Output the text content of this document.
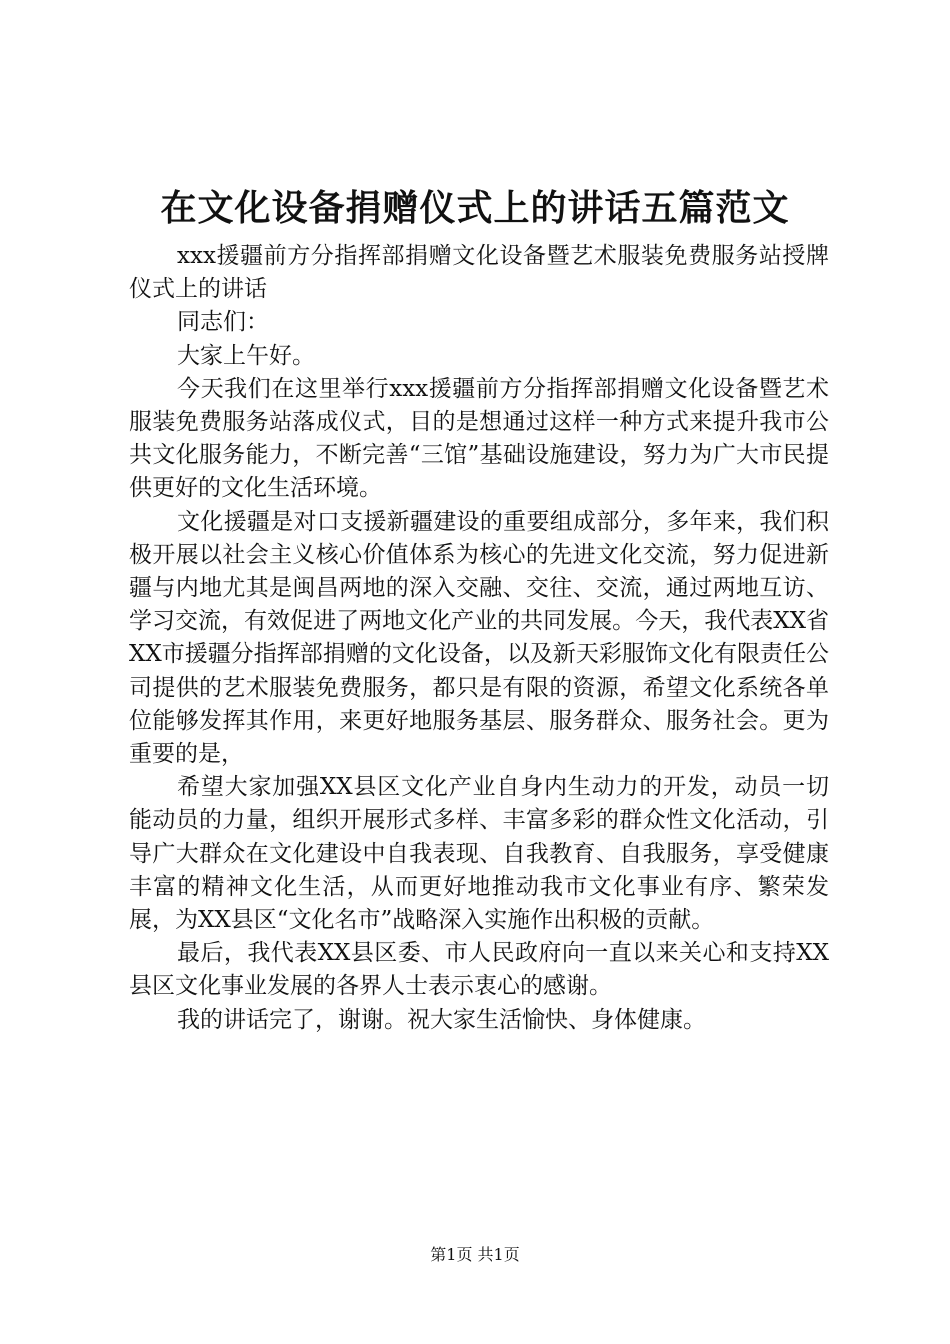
在文化设备捐赠仪式上的讲话五篇范文

xxx援疆前方分指挥部捐赠文化设备暨艺术服装免费服务站授牌仪式上的讲话

同志们：

大家上午好。

今天我们在这里举行xxx援疆前方分指挥部捐赠文化设备暨艺术服装免费服务站落成仪式，目的是想通过这样一种方式来提升我市公共文化服务能力，不断完善“三馆”基础设施建设，努力为广大市民提供更好的文化生活环境。

文化援疆是对口支援新疆建设的重要组成部分，多年来，我们积极开展以社会主义核心价值体系为核心的先进文化交流，努力促进新疆与内地尤其是闽昌两地的深入交融、交往、交流，通过两地互访、学习交流，有效促进了两地文化产业的共同发展。今天，我代表XX省XX市援疆分指挥部捐赠的文化设备，以及新天彩服饰文化有限责任公司提供的艺术服装免费服务，都只是有限的资源，希望文化系统各单位能够发挥其作用，来更好地服务基层、服务群众、服务社会。更为重要的是，

希望大家加强XX县区文化产业自身内生动力的开发，动员一切能动员的力量，组织开展形式多样、丰富多彩的群众性文化活动，引导广大群众在文化建设中自我表现、自我教育、自我服务，享受健康丰富的精神文化生活，从而更好地推动我市文化事业有序、繁荣发展，为XX县区“文化名市”战略深入实施作出积极的贡献。

最后，我代表XX县区委、市人民政府向一直以来关心和支持XX县区文化事业发展的各界人士表示衷心的感谢。

我的讲话完了，谢谢。祝大家生活愉快、身体健康。

第1页 共1页
